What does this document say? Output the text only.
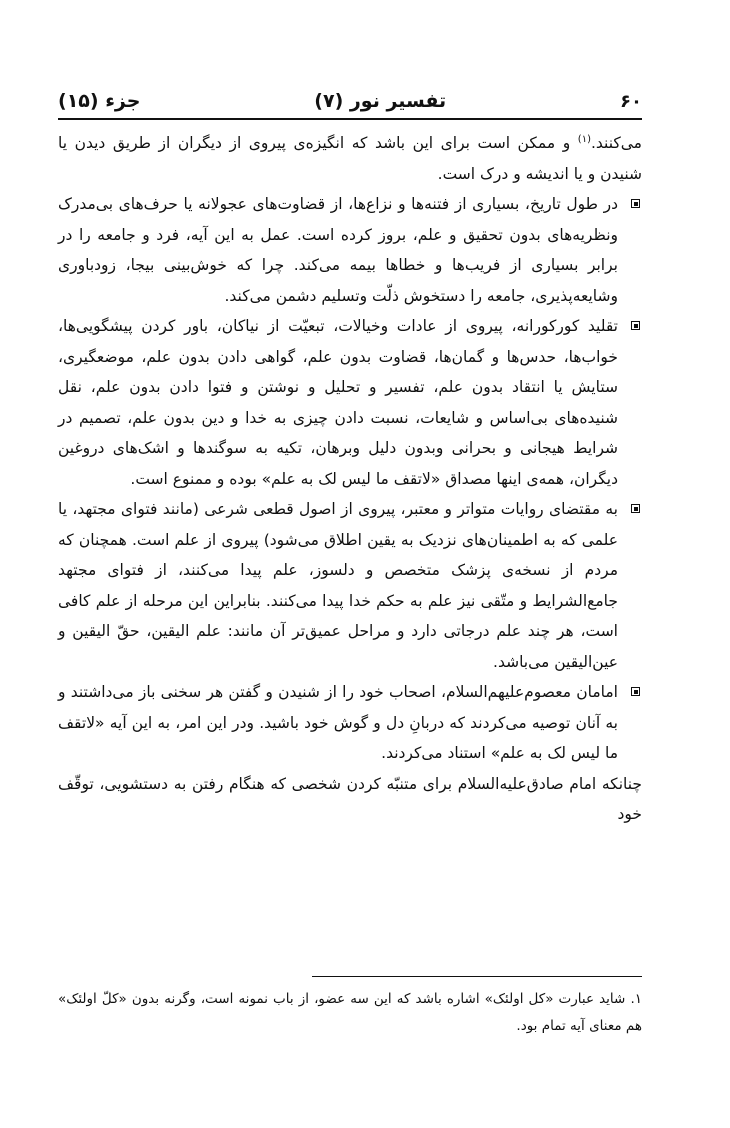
۶۰
تفسیر نور (۷)
جزء (۱۵)

می‌کنند.$^{(۱)}$ و ممکن است برای این باشد که انگیزه‌ی پیروی از دیگران از طریق دیدن یا شنیدن و یا اندیشه و درک است.

در طول تاریخ، بسیاری از فتنه‌ها و نزاع‌ها، از قضاوت‌های عجولانه یا حرف‌های بی‌مدرک ونظریه‌های بدون تحقیق و علم، بروز کرده است. عمل به این آیه، فرد و جامعه را در برابر بسیاری از فریب‌ها و خطاها بیمه می‌کند. چرا که خوش‌بینی بیجا، زودباوری وشایعه‌پذیری، جامعه را دستخوش ذلّت وتسلیم دشمن می‌کند.

تقلید کورکورانه، پیروی از عادات وخیالات، تبعیّت از نیاکان، باور کردن پیشگویی‌ها، خواب‌ها، حدس‌ها و گمان‌ها، قضاوت بدون علم، گواهی دادن بدون علم، موضعگیری، ستایش یا انتقاد بدون علم، تفسیر و تحلیل و نوشتن و فتوا دادن بدون علم، نقل شنیده‌های بی‌اساس و شایعات، نسبت دادن چیزی به خدا و دین بدون علم، تصمیم در شرایط هیجانی و بحرانی وبدون دلیل وبرهان، تکیه به سوگندها و اشک‌های دروغین دیگران، همه‌ی اینها مصداق «لاتقف ما لیس لک به علم» بوده و ممنوع است.

به مقتضای روایات متواتر و معتبر، پیروی از اصول قطعی شرعی (مانند فتوای مجتهد، یا علمی که به اطمینان‌های نزدیک به یقین اطلاق می‌شود) پیروی از علم است. همچنان که مردم از نسخه‌ی پزشک متخصص و دلسوز، علم پیدا می‌کنند، از فتوای مجتهد جامع‌الشرایط و متّقی نیز علم به حکم خدا پیدا می‌کنند. بنابراین این مرحله از علم کافی است، هر چند علم درجاتی دارد و مراحل عمیق‌تر آن مانند: علم الیقین، حقّ الیقین و عین‌الیقین می‌باشد.

امامان معصوم‌علیهم‌السلام، اصحاب خود را از شنیدن و گفتن هر سخنی باز می‌داشتند و به آنان توصیه می‌کردند که دربانِ دل و گوش خود باشید. ودر این امر، به این آیه «لاتقف ما لیس لک به علم» استناد می‌کردند.

چنانکه امام صادق‌علیه‌السلام برای متنبّه کردن شخصی که هنگام رفتن به دستشویی، توقّف خود

۱. شاید عبارت «کل اولئک» اشاره باشد که این سه عضو، از باب نمونه است، وگرنه بدون «کلّ اولئک» هم معنای آیه تمام بود.
